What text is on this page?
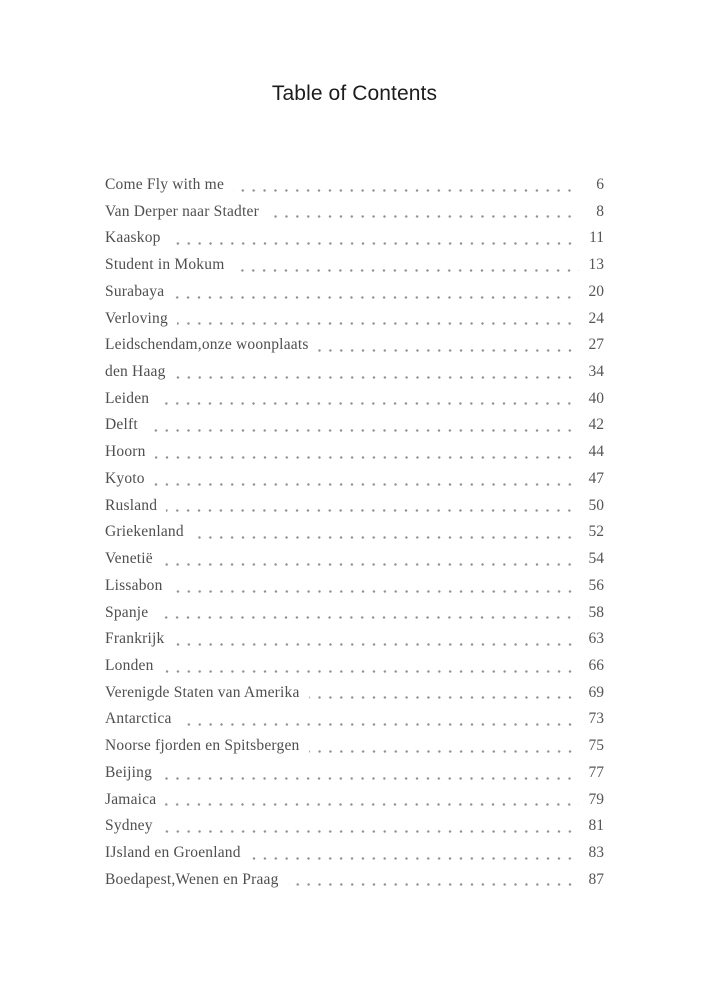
Table of Contents
Come Fly with me	6
Van Derper naar Stadter	8
Kaaskop	11
Student in Mokum	13
Surabaya	20
Verloving	24
Leidschendam,onze woonplaats	27
den Haag	34
Leiden	40
Delft	42
Hoorn	44
Kyoto	47
Rusland	50
Griekenland	52
Venetië	54
Lissabon	56
Spanje	58
Frankrijk	63
Londen	66
Verenigde Staten van Amerika	69
Antarctica	73
Noorse fjorden en Spitsbergen	75
Beijing	77
Jamaica	79
Sydney	81
IJsland en Groenland	83
Boedapest,Wenen en Praag	87
